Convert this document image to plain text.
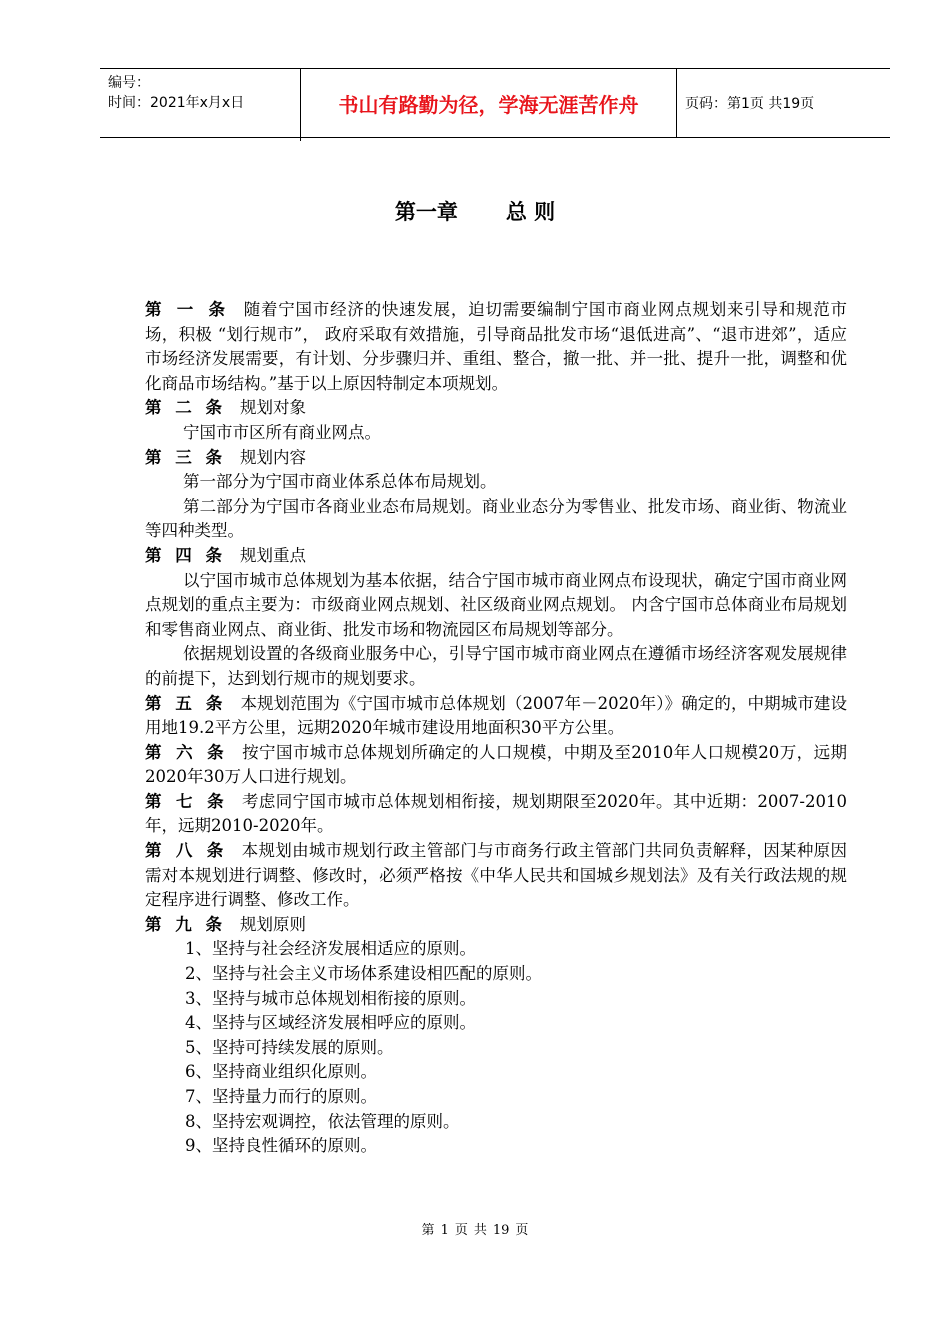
编号：
时间：2021年x月x日	书山有路勤为径，学海无涯苦作舟	页码：第1页 共19页
第一章 总 则

第 一 条 随着宁国市经济的快速发展，迫切需要编制宁国市商业网点规划来引导和规范市场，积极 “划行规市”， 政府采取有效措施，引导商品批发市场“退低进高”、“退市进郊”，适应市场经济发展需要，有计划、分步骤归并、重组、整合，撤一批、并一批、提升一批，调整和优化商品市场结构。”基于以上原因特制定本项规划。

第 二 条 规划对象

宁国市市区所有商业网点。

第 三 条 规划内容

第一部分为宁国市商业体系总体布局规划。

第二部分为宁国市各商业业态布局规划。商业业态分为零售业、批发市场、商业街、物流业等四种类型。

第 四 条 规划重点

以宁国市城市总体规划为基本依据，结合宁国市城市商业网点布设现状，确定宁国市商业网点规划的重点主要为：市级商业网点规划、社区级商业网点规划。 内含宁国市总体商业布局规划和零售商业网点、商业街、批发市场和物流园区布局规划等部分。

依据规划设置的各级商业服务中心，引导宁国市城市商业网点在遵循市场经济客观发展规律的前提下，达到划行规市的规划要求。

第 五 条 本规划范围为《宁国市城市总体规划（2007年－2020年）》确定的，中期城市建设用地19.2平方公里，远期2020年城市建设用地面积30平方公里。

第 六 条 按宁国市城市总体规划所确定的人口规模，中期及至2010年人口规模20万，远期2020年30万人口进行规划。

第 七 条 考虑同宁国市城市总体规划相衔接，规划期限至2020年。其中近期：2007-2010年，远期2010-2020年。

第 八 条 本规划由城市规划行政主管部门与市商务行政主管部门共同负责解释，因某种原因需对本规划进行调整、修改时，必须严格按《中华人民共和国城乡规划法》及有关行政法规的规定程序进行调整、修改工作。

第 九 条 规划原则

1、坚持与社会经济发展相适应的原则。

2、坚持与社会主义市场体系建设相匹配的原则。

3、坚持与城市总体规划相衔接的原则。

4、坚持与区域经济发展相呼应的原则。

5、坚持可持续发展的原则。

6、坚持商业组织化原则。

7、坚持量力而行的原则。

8、坚持宏观调控，依法管理的原则。

9、坚持良性循环的原则。

第 1 页 共 19 页
